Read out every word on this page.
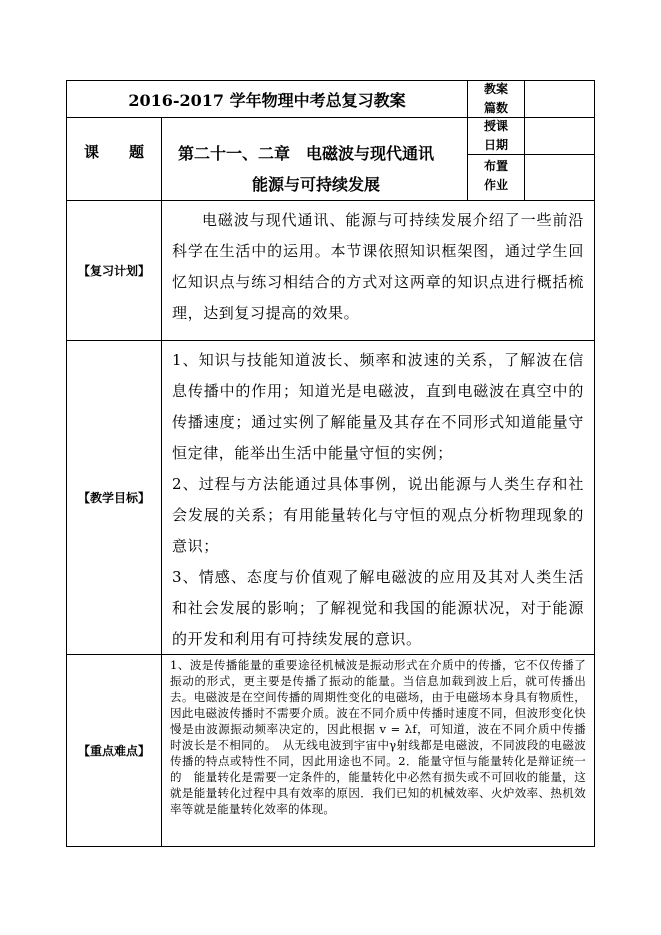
2016-2017 学年物理中考总复习教案
教案篇数
课　　题 第二十一、二章　电磁波与现代通讯
能源与可持续发展
授课日期
布置作业
【复习计划】
电磁波与现代通讯、能源与可持续发展介绍了一些前沿科学在生活中的运用。本节课依照知识框架图，通过学生回忆知识点与练习相结合的方式对这两章的知识点进行概括梳理，达到复习提高的效果。
【教学目标】
1、知识与技能知道波长、频率和波速的关系，了解波在信息传播中的作用；知道光是电磁波，直到电磁波在真空中的传播速度；通过实例了解能量及其存在不同形式知道能量守恒定律，能举出生活中能量守恒的实例；
2、过程与方法能通过具体事例，说出能源与人类生存和社会发展的关系；有用能量转化与守恒的观点分析物理现象的意识；
3、情感、态度与价值观了解电磁波的应用及其对人类生活和社会发展的影响；了解视觉和我国的能源状况，对于能源的开发和利用有可持续发展的意识。
【重点难点】
1、波是传播能量的重要途径机械波是振动形式在介质中的传播，它不仅传播了振动的形式，更主要是传播了振动的能量。当信息加载到波上后，就可传播出去。电磁波是在空间传播的周期性变化的电磁场，由于电磁场本身具有物质性，因此电磁波传播时不需要介质。波在不同介质中传播时速度不同，但波形变化快慢是由波源振动频率决定的，因此根据 v = λf，可知道，波在不同介质中传播时波长是不相同的。　从无线电波到宇宙中γ射线都是电磁波，不同波段的电磁波传播的特点或特性不同，因此用途也不同。2．能量守恒与能量转化是辩证统一的　能量转化是需要一定条件的，能量转化中必然有损失或不可回收的能量，这就是能量转化过程中具有效率的原因．我们已知的机械效率、火炉效率、热机效率等就是能量转化效率的体现。
